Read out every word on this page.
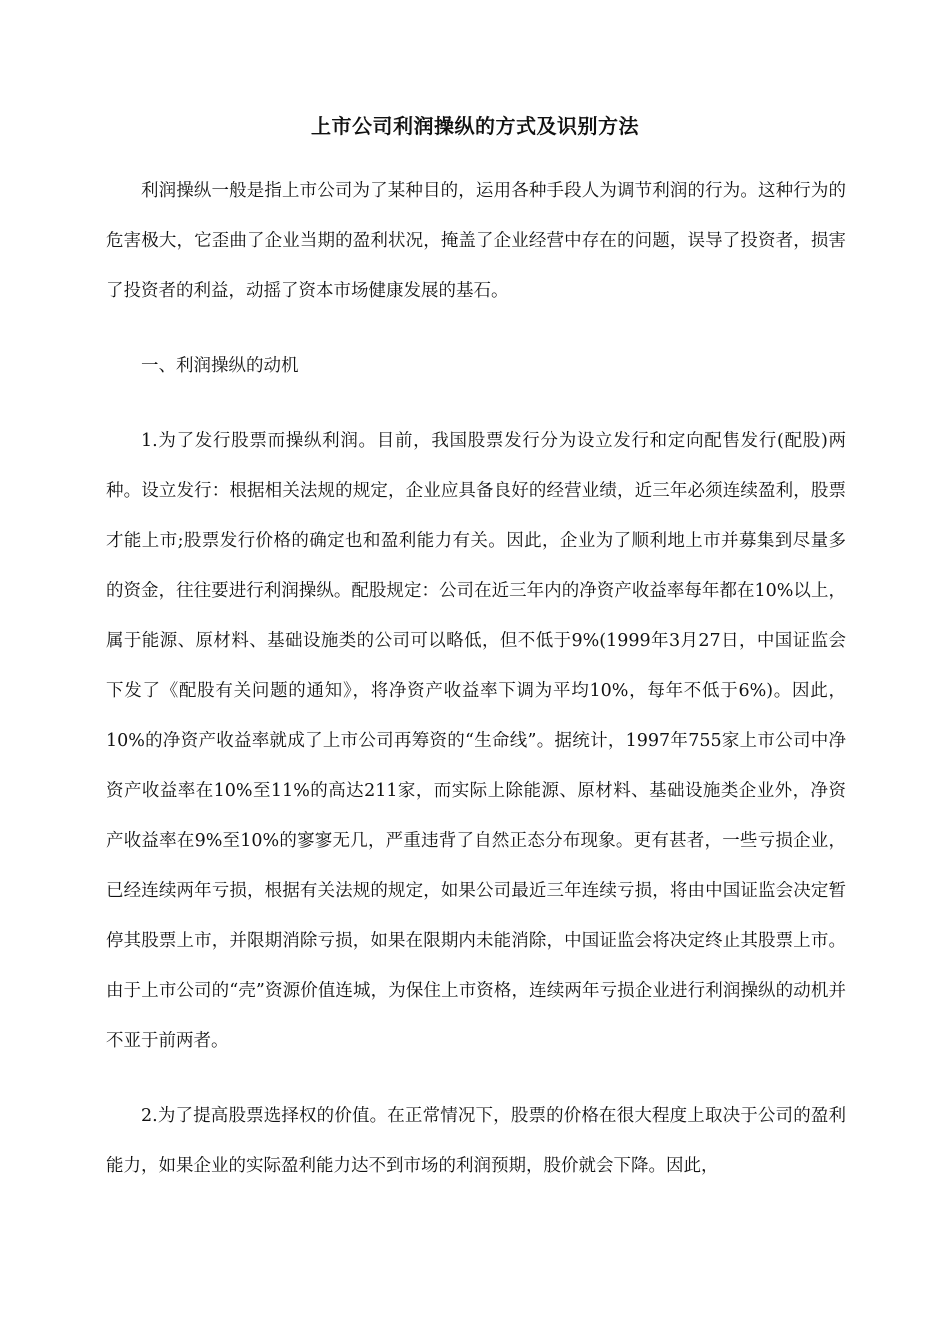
上市公司利润操纵的方式及识别方法

利润操纵一般是指上市公司为了某种目的，运用各种手段人为调节利润的行为。这种行为的危害极大，它歪曲了企业当期的盈利状况，掩盖了企业经营中存在的问题，误导了投资者，损害了投资者的利益，动摇了资本市场健康发展的基石。

一、利润操纵的动机

1.为了发行股票而操纵利润。目前，我国股票发行分为设立发行和定向配售发行(配股)两种。设立发行：根据相关法规的规定，企业应具备良好的经营业绩，近三年必须连续盈利，股票才能上市;股票发行价格的确定也和盈利能力有关。因此，企业为了顺利地上市并募集到尽量多的资金，往往要进行利润操纵。配股规定：公司在近三年内的净资产收益率每年都在10%以上，属于能源、原材料、基础设施类的公司可以略低，但不低于9%(1999年3月27日，中国证监会下发了《配股有关问题的通知》，将净资产收益率下调为平均10%，每年不低于6%)。因此，10%的净资产收益率就成了上市公司再筹资的“生命线”。据统计，1997年755家上市公司中净资产收益率在10%至11%的高达211家，而实际上除能源、原材料、基础设施类企业外，净资产收益率在9%至10%的寥寥无几，严重违背了自然正态分布现象。更有甚者，一些亏损企业，已经连续两年亏损，根据有关法规的规定，如果公司最近三年连续亏损，将由中国证监会决定暂停其股票上市，并限期消除亏损，如果在限期内未能消除，中国证监会将决定终止其股票上市。由于上市公司的“壳”资源价值连城，为保住上市资格，连续两年亏损企业进行利润操纵的动机并不亚于前两者。

2.为了提高股票选择权的价值。在正常情况下，股票的价格在很大程度上取决于公司的盈利能力，如果企业的实际盈利能力达不到市场的利润预期，股价就会下降。因此，
